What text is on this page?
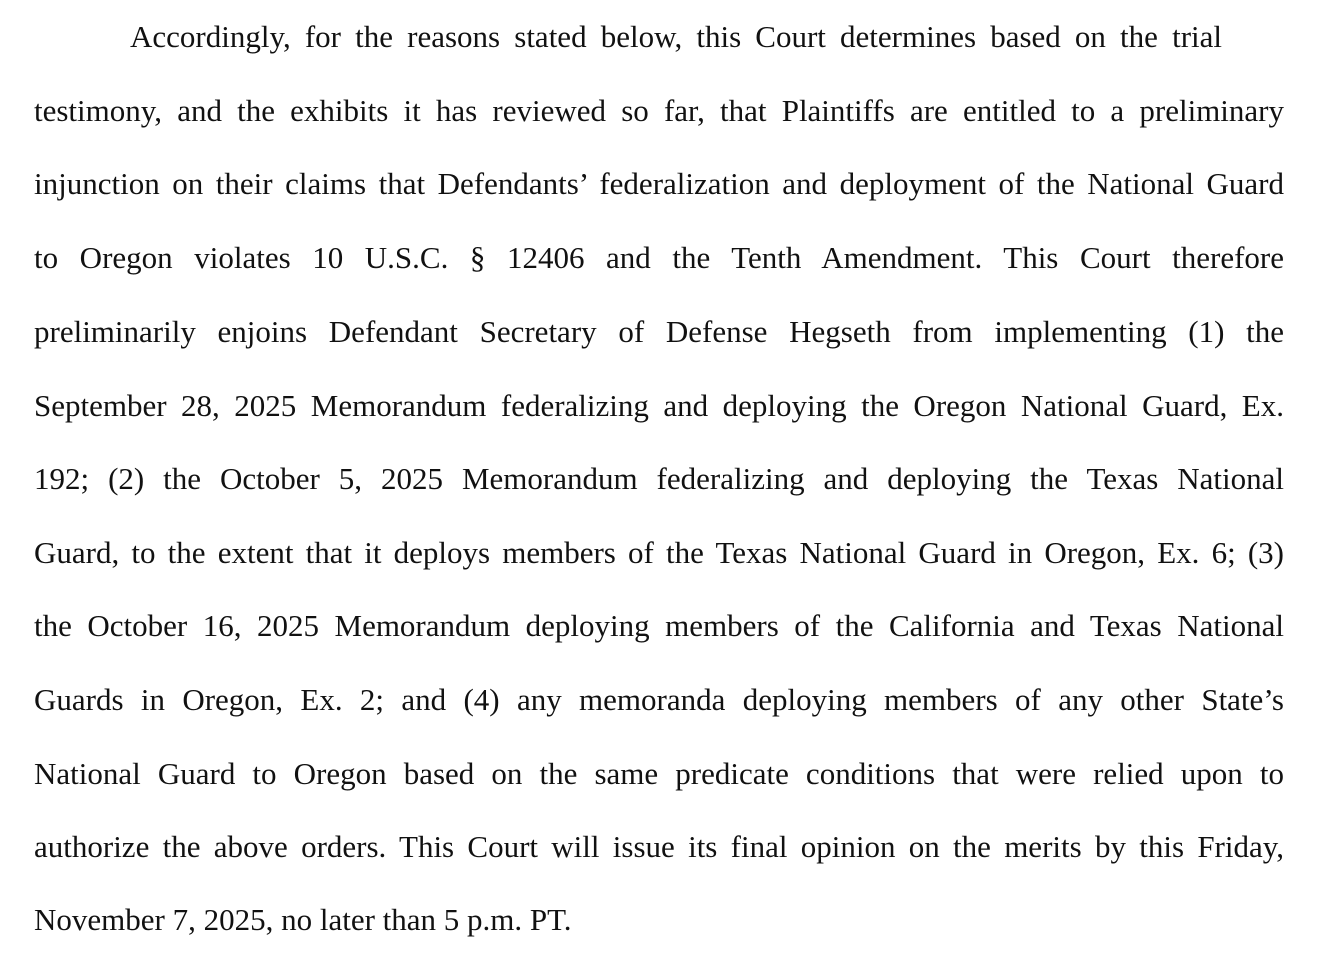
Accordingly, for the reasons stated below, this Court determines based on the trial
testimony, and the exhibits it has reviewed so far, that Plaintiffs are entitled to a preliminary
injunction on their claims that Defendants’ federalization and deployment of the National Guard
to Oregon violates 10 U.S.C. § 12406 and the Tenth Amendment. This Court therefore
preliminarily enjoins Defendant Secretary of Defense Hegseth from implementing (1) the
September 28, 2025 Memorandum federalizing and deploying the Oregon National Guard, Ex.
192; (2) the October 5, 2025 Memorandum federalizing and deploying the Texas National
Guard, to the extent that it deploys members of the Texas National Guard in Oregon, Ex. 6; (3)
the October 16, 2025 Memorandum deploying members of the California and Texas National
Guards in Oregon, Ex. 2; and (4) any memoranda deploying members of any other State’s
National Guard to Oregon based on the same predicate conditions that were relied upon to
authorize the above orders. This Court will issue its final opinion on the merits by this Friday,
November 7, 2025, no later than 5 p.m. PT.
